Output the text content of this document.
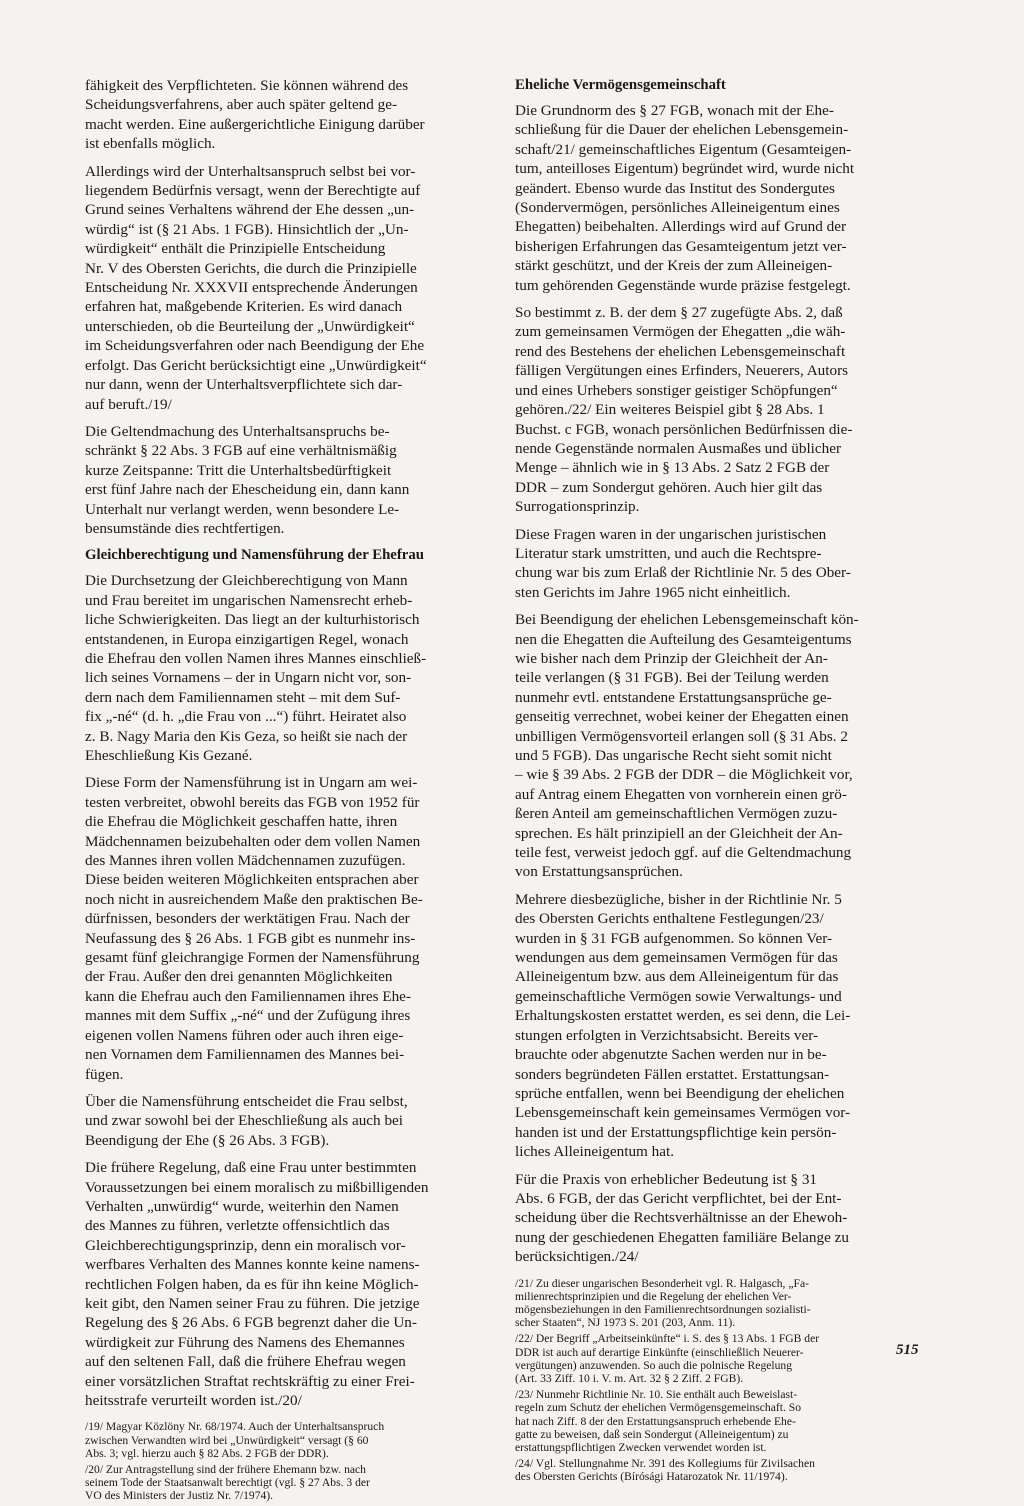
fähigkeit des Verpflichteten. Sie können während des
Scheidungsverfahrens, aber auch später geltend ge-
macht werden. Eine außergerichtliche Einigung darüber
ist ebenfalls möglich.

Allerdings wird der Unterhaltsanspruch selbst bei vor-
liegendem Bedürfnis versagt, wenn der Berechtigte auf
Grund seines Verhaltens während der Ehe dessen „un-
würdig“ ist (§ 21 Abs. 1 FGB). Hinsichtlich der „Un-
würdigkeit“ enthält die Prinzipielle Entscheidung
Nr. V des Obersten Gerichts, die durch die Prinzipielle
Entscheidung Nr. XXXVII entsprechende Änderungen
erfahren hat, maßgebende Kriterien. Es wird danach
unterschieden, ob die Beurteilung der „Unwürdigkeit“
im Scheidungsverfahren oder nach Beendigung der Ehe
erfolgt. Das Gericht berücksichtigt eine „Unwürdigkeit“
nur dann, wenn der Unterhaltsverpflichtete sich dar-
auf beruft./19/

Die Geltendmachung des Unterhaltsanspruchs be-
schränkt § 22 Abs. 3 FGB auf eine verhältnismäßig
kurze Zeitspanne: Tritt die Unterhaltsbedürftigkeit
erst fünf Jahre nach der Ehescheidung ein, dann kann
Unterhalt nur verlangt werden, wenn besondere Le-
bensumstände dies rechtfertigen.

Gleichberechtigung und Namensführung der Ehefrau

Die Durchsetzung der Gleichberechtigung von Mann
und Frau bereitet im ungarischen Namensrecht erheb-
liche Schwierigkeiten. Das liegt an der kulturhistorisch
entstandenen, in Europa einzigartigen Regel, wonach
die Ehefrau den vollen Namen ihres Mannes einschließ-
lich seines Vornamens – der in Ungarn nicht vor, son-
dern nach dem Familiennamen steht – mit dem Suf-
fix „-né“ (d. h. „die Frau von ...“) führt. Heiratet also
z. B. Nagy Maria den Kis Geza, so heißt sie nach der
Eheschließung Kis Gezané.

Diese Form der Namensführung ist in Ungarn am wei-
testen verbreitet, obwohl bereits das FGB von 1952 für
die Ehefrau die Möglichkeit geschaffen hatte, ihren
Mädchennamen beizubehalten oder dem vollen Namen
des Mannes ihren vollen Mädchennamen zuzufügen.
Diese beiden weiteren Möglichkeiten entsprachen aber
noch nicht in ausreichendem Maße den praktischen Be-
dürfnissen, besonders der werktätigen Frau. Nach der
Neufassung des § 26 Abs. 1 FGB gibt es nunmehr ins-
gesamt fünf gleichrangige Formen der Namensführung
der Frau. Außer den drei genannten Möglichkeiten
kann die Ehefrau auch den Familiennamen ihres Ehe-
mannes mit dem Suffix „-né“ und der Zufügung ihres
eigenen vollen Namens führen oder auch ihren eige-
nen Vornamen dem Familiennamen des Mannes bei-
fügen.

Über die Namensführung entscheidet die Frau selbst,
und zwar sowohl bei der Eheschließung als auch bei
Beendigung der Ehe (§ 26 Abs. 3 FGB).

Die frühere Regelung, daß eine Frau unter bestimmten
Voraussetzungen bei einem moralisch zu mißbilligenden
Verhalten „unwürdig“ wurde, weiterhin den Namen
des Mannes zu führen, verletzte offensichtlich das
Gleichberechtigungsprinzip, denn ein moralisch vor-
werfbares Verhalten des Mannes konnte keine namens-
rechtlichen Folgen haben, da es für ihn keine Möglich-
keit gibt, den Namen seiner Frau zu führen. Die jetzige
Regelung des § 26 Abs. 6 FGB begrenzt daher die Un-
würdigkeit zur Führung des Namens des Ehemannes
auf den seltenen Fall, daß die frühere Ehefrau wegen
einer vorsätzlichen Straftat rechtskräftig zu einer Frei-
heitsstrafe verurteilt worden ist./20/

/19/ Magyar Közlöny Nr. 68/1974. Auch der Unterhaltsanspruch
zwischen Verwandten wird bei „Unwürdigkeit“ versagt (§ 60
Abs. 3; vgl. hierzu auch § 82 Abs. 2 FGB der DDR).

/20/ Zur Antragstellung sind der frühere Ehemann bzw. nach
seinem Tode der Staatsanwalt berechtigt (vgl. § 27 Abs. 3 der
VO des Ministers der Justiz Nr. 7/1974).

Eheliche Vermögensgemeinschaft

Die Grundnorm des § 27 FGB, wonach mit der Ehe-
schließung für die Dauer der ehelichen Lebensgemein-
schaft/21/ gemeinschaftliches Eigentum (Gesamteigen-
tum, anteilloses Eigentum) begründet wird, wurde nicht
geändert. Ebenso wurde das Institut des Sondergutes
(Sondervermögen, persönliches Alleineigentum eines
Ehegatten) beibehalten. Allerdings wird auf Grund der
bisherigen Erfahrungen das Gesamteigentum jetzt ver-
stärkt geschützt, und der Kreis der zum Alleineigen-
tum gehörenden Gegenstände wurde präzise festgelegt.

So bestimmt z. B. der dem § 27 zugefügte Abs. 2, daß
zum gemeinsamen Vermögen der Ehegatten „die wäh-
rend des Bestehens der ehelichen Lebensgemeinschaft
fälligen Vergütungen eines Erfinders, Neuerers, Autors
und eines Urhebers sonstiger geistiger Schöpfungen“
gehören./22/ Ein weiteres Beispiel gibt § 28 Abs. 1
Buchst. c FGB, wonach persönlichen Bedürfnissen die-
nende Gegenstände normalen Ausmaßes und üblicher
Menge – ähnlich wie in § 13 Abs. 2 Satz 2 FGB der
DDR – zum Sondergut gehören. Auch hier gilt das
Surrogationsprinzip.

Diese Fragen waren in der ungarischen juristischen
Literatur stark umstritten, und auch die Rechtspre-
chung war bis zum Erlaß der Richtlinie Nr. 5 des Ober-
sten Gerichts im Jahre 1965 nicht einheitlich.

Bei Beendigung der ehelichen Lebensgemeinschaft kön-
nen die Ehegatten die Aufteilung des Gesamteigentums
wie bisher nach dem Prinzip der Gleichheit der An-
teile verlangen (§ 31 FGB). Bei der Teilung werden
nunmehr evtl. entstandene Erstattungsansprüche ge-
genseitig verrechnet, wobei keiner der Ehegatten einen
unbilligen Vermögensvorteil erlangen soll (§ 31 Abs. 2
und 5 FGB). Das ungarische Recht sieht somit nicht
– wie § 39 Abs. 2 FGB der DDR – die Möglichkeit vor,
auf Antrag einem Ehegatten von vornherein einen grö-
ßeren Anteil am gemeinschaftlichen Vermögen zuzu-
sprechen. Es hält prinzipiell an der Gleichheit der An-
teile fest, verweist jedoch ggf. auf die Geltendmachung
von Erstattungsansprüchen.

Mehrere diesbezügliche, bisher in der Richtlinie Nr. 5
des Obersten Gerichts enthaltene Festlegungen/23/
wurden in § 31 FGB aufgenommen. So können Ver-
wendungen aus dem gemeinsamen Vermögen für das
Alleineigentum bzw. aus dem Alleineigentum für das
gemeinschaftliche Vermögen sowie Verwaltungs- und
Erhaltungskosten erstattet werden, es sei denn, die Lei-
stungen erfolgten in Verzichtsabsicht. Bereits ver-
brauchte oder abgenutzte Sachen werden nur in be-
sonders begründeten Fällen erstattet. Erstattungsan-
sprüche entfallen, wenn bei Beendigung der ehelichen
Lebensgemeinschaft kein gemeinsames Vermögen vor-
handen ist und der Erstattungspflichtige kein persön-
liches Alleineigentum hat.

Für die Praxis von erheblicher Bedeutung ist § 31
Abs. 6 FGB, der das Gericht verpflichtet, bei der Ent-
scheidung über die Rechtsverhältnisse an der Ehewoh-
nung der geschiedenen Ehegatten familiäre Belange zu
berücksichtigen./24/

/21/ Zu dieser ungarischen Besonderheit vgl. R. Halgasch, „Fa-
milienrechtsprinzipien und die Regelung der ehelichen Ver-
mögensbeziehungen in den Familienrechtsordnungen sozialisti-
scher Staaten“, NJ 1973 S. 201 (203, Anm. 11).

/22/ Der Begriff „Arbeitseinkünfte“ i. S. des § 13 Abs. 1 FGB der
DDR ist auch auf derartige Einkünfte (einschließlich Neuerer-
vergütungen) anzuwenden. So auch die polnische Regelung
(Art. 33 Ziff. 10 i. V. m. Art. 32 § 2 Ziff. 2 FGB).

/23/ Nunmehr Richtlinie Nr. 10. Sie enthält auch Beweislast-
regeln zum Schutz der ehelichen Vermögensgemeinschaft. So
hat nach Ziff. 8 der den Erstattungsanspruch erhebende Ehe-
gatte zu beweisen, daß sein Sondergut (Alleineigentum) zu
erstattungspflichtigen Zwecken verwendet worden ist.

/24/ Vgl. Stellungnahme Nr. 391 des Kollegiums für Zivilsachen
des Obersten Gerichts (Bírósági Hatarozatok Nr. 11/1974).

515
